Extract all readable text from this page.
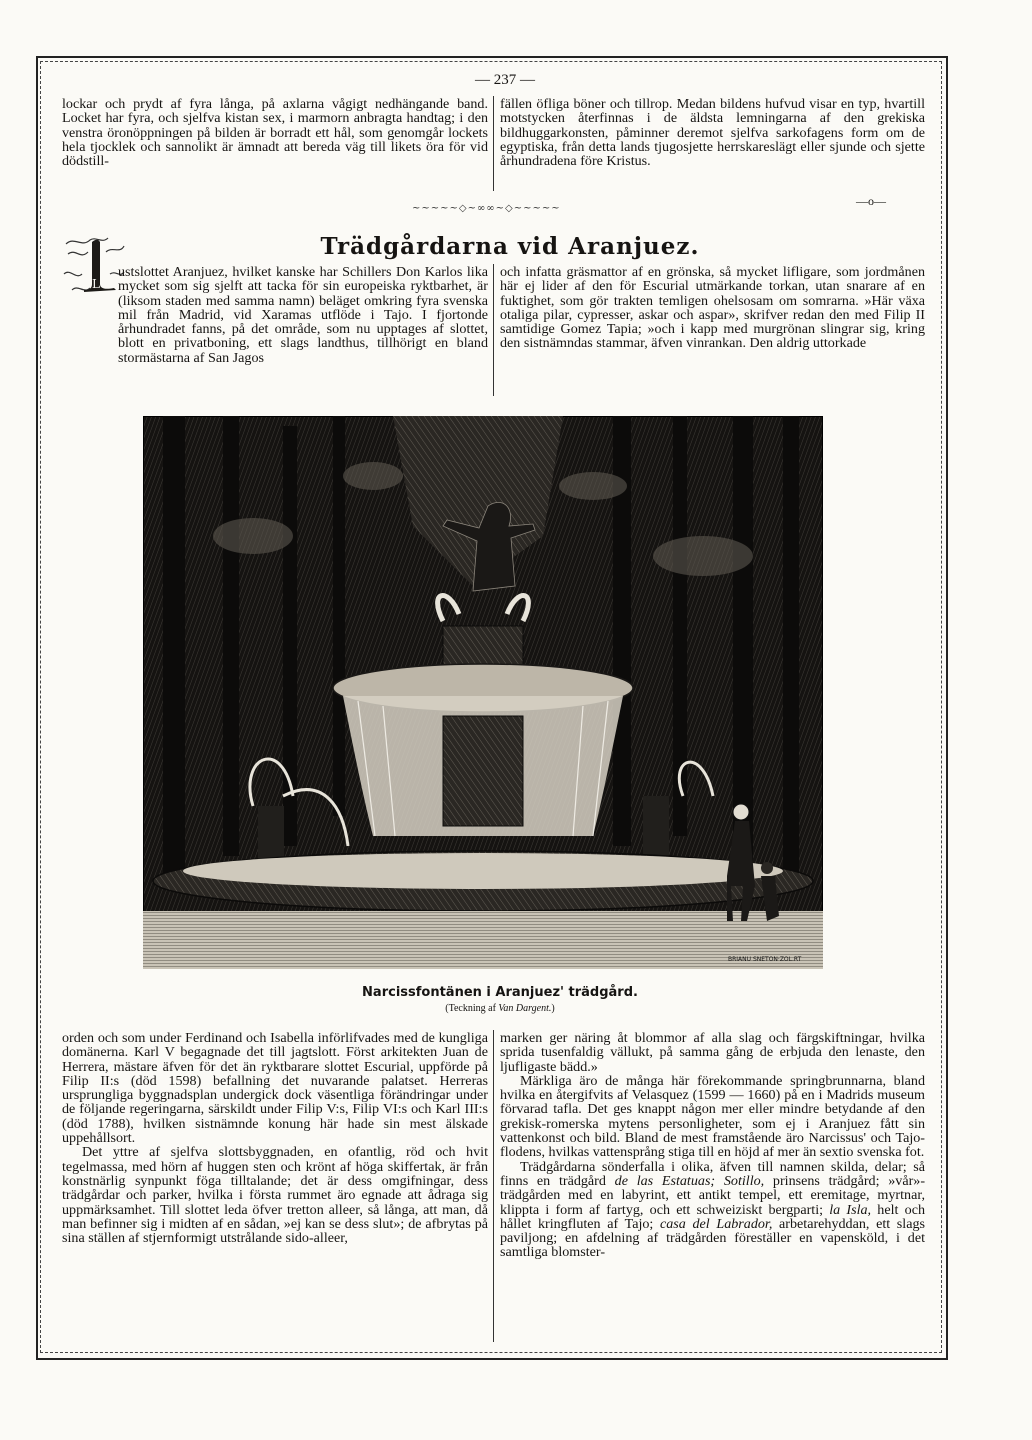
— 237 —

lockar och prydt af fyra långa, på axlarna vågigt nedhängande band. Locket har fyra, och sjelfva kistan sex, i marmorn anbragta handtag; i den venstra öronöppningen på bilden är borradt ett hål, som genomgår lockets hela tjocklek och sannolikt är ämnadt att bereda väg till likets öra för vid dödstill-

fällen öfliga böner och tillrop. Medan bildens hufvud visar en typ, hvartill motstycken återfinnas i de äldsta lemningarna af den grekiska bildhuggarkonsten, påminner deremot sjelfva sarkofagens form om de egyptiska, från detta lands tjugosjette herrskareslägt eller sjunde och sjette århundradena före Kristus.

—o—
~~~~~◇~∞∞~◇~~~~~
Trädgårdarna vid Aranjuez.
L

ustslottet Aranjuez, hvilket kanske har Schillers Don Karlos lika mycket som sig sjelft att tacka för sin europeiska ryktbarhet, är (liksom staden med samma namn) beläget omkring fyra svenska mil från Madrid, vid Xaramas utflöde i Tajo. I fjortonde århundradet fanns, på det område, som nu upptages af slottet, blott en privatboning, ett slags landthus, tillhörigt en bland stormästarna af San Jagos

och infatta gräsmattor af en grönska, så mycket lifligare, som jordmånen här ej lider af den för Escurial utmärkande torkan, utan snarare af en fuktighet, som gör trakten temligen ohelsosam om somrarna. »Här växa otaliga pilar, cypresser, askar och aspar», skrifver redan den med Filip II samtidige Gomez Tapia; »och i kapp med murgrönan slingrar sig, kring den sistnämndas stammar, äfven vinrankan. Den aldrig uttorkade

BRIANU SNETON·ZOL.RT
Narcissfontänen i Aranjuez' trädgård.
(Teckning af Van Dargent.)

orden och som under Ferdinand och Isabella införlifvades med de kungliga domänerna. Karl V begagnade det till jagtslott. Först arkitekten Juan de Herrera, mästare äfven för det än ryktbarare slottet Escurial, uppförde på Filip II:s (död 1598) befallning det nuvarande palatset. Herreras ursprungliga byggnadsplan undergick dock väsentliga förändringar under de följande regeringarna, särskildt under Filip V:s, Filip VI:s och Karl III:s (död 1788), hvilken sistnämnde konung här hade sin mest älskade uppehållsort.

Det yttre af sjelfva slottsbyggnaden, en ofantlig, röd och hvit tegelmassa, med hörn af huggen sten och krönt af höga skiffertak, är från konstnärlig synpunkt föga tilltalande; det är dess omgifningar, dess trädgårdar och parker, hvilka i första rummet äro egnade att ådraga sig uppmärksamhet. Till slottet leda öfver tretton alleer, så långa, att man, då man befinner sig i midten af en sådan, »ej kan se dess slut»; de afbrytas på sina ställen af stjernformigt utstrålande sido-alleer,

marken ger näring åt blommor af alla slag och färgskiftningar, hvilka sprida tusenfaldig vällukt, på samma gång de erbjuda den lenaste, den ljufligaste bädd.»

Märkliga äro de många här förekommande springbrunnarna, bland hvilka en återgifvits af Velasquez (1599 — 1660) på en i Madrids museum förvarad tafla. Det ges knappt någon mer eller mindre betydande af den grekisk-romerska mytens personligheter, som ej i Aranjuez fått sin vattenkonst och bild. Bland de mest framstående äro Narcissus' och Tajo-flodens, hvilkas vattensprång stiga till en höjd af mer än sextio svenska fot.

Trädgårdarna sönderfalla i olika, äfven till namnen skilda, delar; så finns en trädgård de las Estatuas; Sotillo, prinsens trädgård; »vår»-trädgården med en labyrint, ett antikt tempel, ett eremitage, myrtnar, klippta i form af fartyg, och ett schweiziskt bergparti; la Isla, helt och hållet kringfluten af Tajo; casa del Labrador, arbetarehyddan, ett slags paviljong; en afdelning af trädgården föreställer en vapensköld, i det samtliga blomster-
